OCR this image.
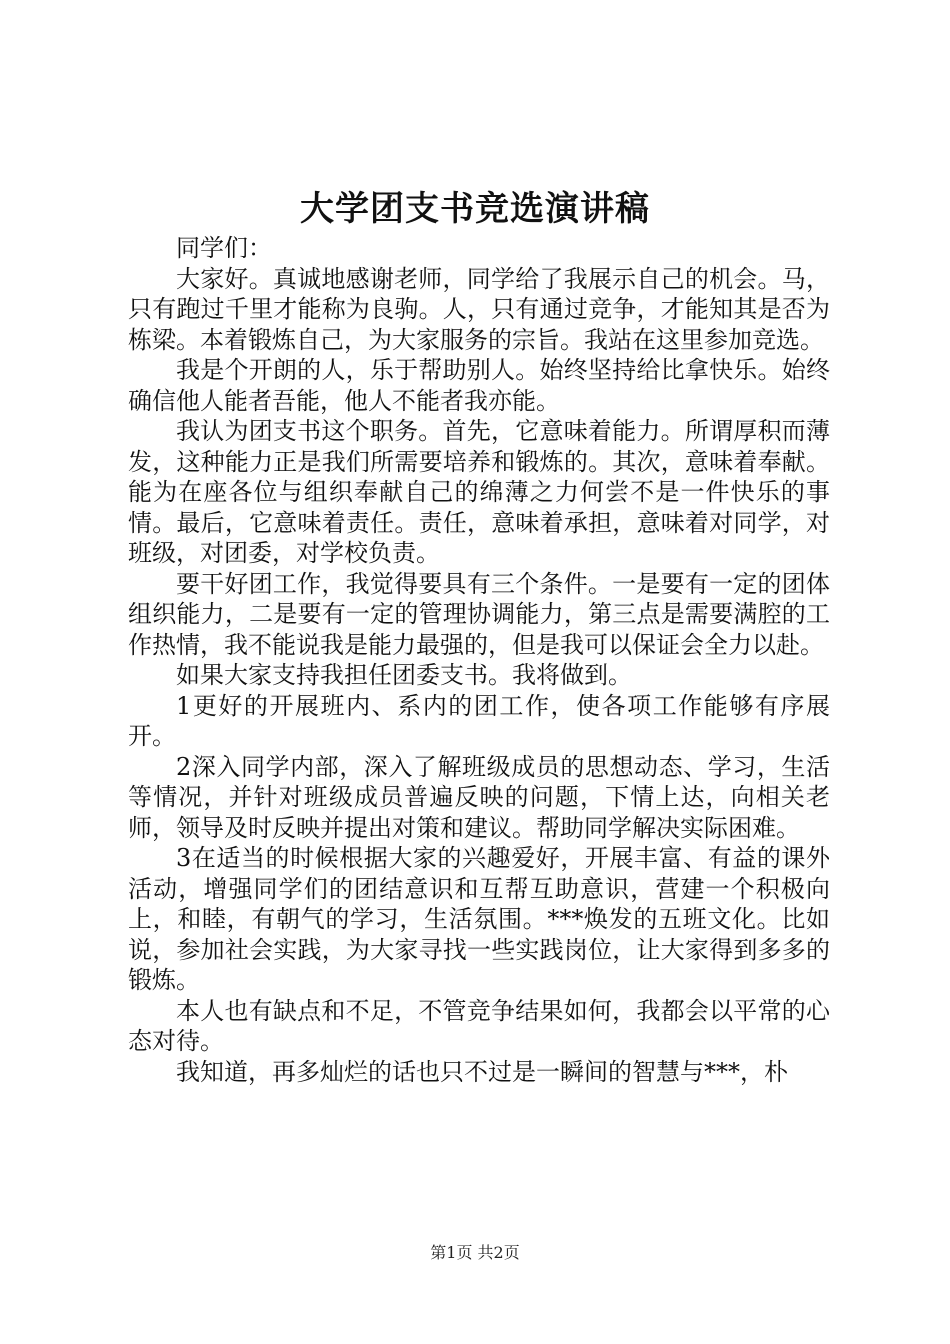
大学团支书竞选演讲稿

同学们：

大家好。真诚地感谢老师，同学给了我展示自己的机会。马，只有跑过千里才能称为良驹。人，只有通过竞争，才能知其是否为栋梁。本着锻炼自己，为大家服务的宗旨。我站在这里参加竞选。

我是个开朗的人，乐于帮助别人。始终坚持给比拿快乐。始终确信他人能者吾能，他人不能者我亦能。

我认为团支书这个职务。首先，它意味着能力。所谓厚积而薄发，这种能力正是我们所需要培养和锻炼的。其次，意味着奉献。能为在座各位与组织奉献自己的绵薄之力何尝不是一件快乐的事情。最后，它意味着责任。责任，意味着承担，意味着对同学，对班级，对团委，对学校负责。

要干好团工作，我觉得要具有三个条件。一是要有一定的团体组织能力，二是要有一定的管理协调能力，第三点是需要满腔的工作热情，我不能说我是能力最强的，但是我可以保证会全力以赴。

如果大家支持我担任团委支书。我将做到。

1更好的开展班内、系内的团工作，使各项工作能够有序展开。

2深入同学内部，深入了解班级成员的思想动态、学习，生活等情况，并针对班级成员普遍反映的问题，下情上达，向相关老师，领导及时反映并提出对策和建议。帮助同学解决实际困难。

3在适当的时候根据大家的兴趣爱好，开展丰富、有益的课外活动，增强同学们的团结意识和互帮互助意识，营建一个积极向上，和睦，有朝气的学习，生活氛围。***焕发的五班文化。比如说，参加社会实践，为大家寻找一些实践岗位，让大家得到多多的锻炼。

本人也有缺点和不足，不管竞争结果如何，我都会以平常的心态对待。

我知道，再多灿烂的话也只不过是一瞬间的智慧与***，朴

第1页 共2页
